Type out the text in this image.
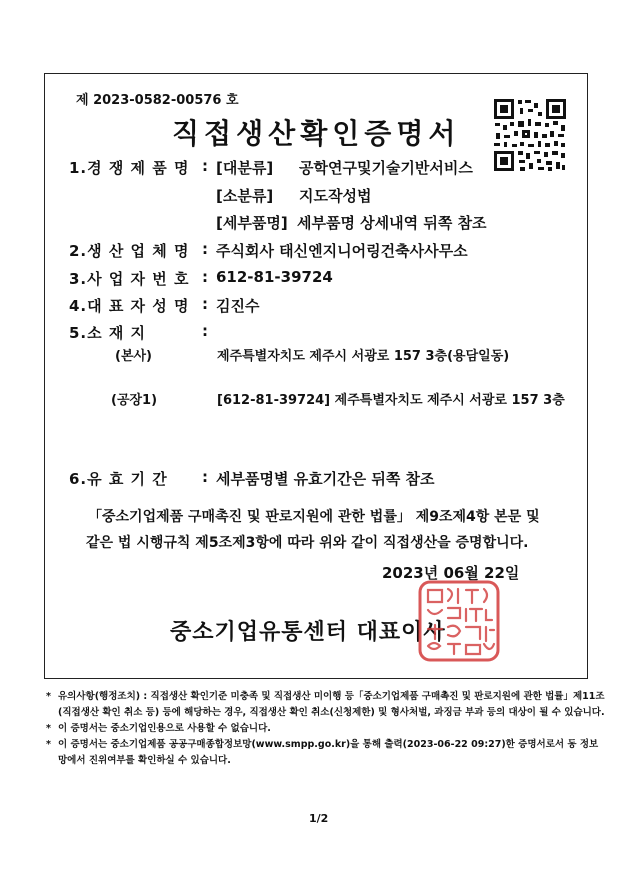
제 2023-0582-00576 호
직접생산확인증명서
1.경 쟁 제 품 명 : [대분류] 공학연구및기술기반서비스
[소분류] 지도작성법
[세부품명] 세부품명 상세내역 뒤쪽 참조
2.생 산 업 체 명 : 주식회사 태신엔지니어링건축사사무소
3.사 업 자 번 호 : 612-81-39724
4.대 표 자 성 명 : 김진수
5.소 재 지	:
(본사)	제주특별자치도 제주시 서광로 157 3층(용담일동)
(공장1)	[612-81-39724] 제주특별자치도 제주시 서광로 157 3층
6.유 효 기 간 : 세부품명별 유효기간은 뒤쪽 참조
「중소기업제품 구매촉진 및 판로지원에 관한 법률」 제9조제4항 본문 및
같은 법 시행규칙 제5조제3항에 따라 위와 같이 직접생산을 증명합니다.
2023년 06월 22일
중소기업유통센터 대표이사
* 유의사항(행정조치) : 직접생산 확인기준 미충족 및 직접생산 미이행 등「중소기업제품 구매촉진 및 판로지원에 관한 법률」제11조(직접생산 확인 취소 등) 등에 해당하는 경우, 직접생산 확인 취소(신청제한) 및 형사처벌, 과징금 부과 등의 대상이 될 수 있습니다.
* 이 증명서는 중소기업인용으로 사용할 수 없습니다.
* 이 증명서는 중소기업제품 공공구매종합정보망(www.smpp.go.kr)을 통해 출력(2023-06-22 09:27)한 증명서로서 동 정보망에서 진위여부를 확인하실 수 있습니다.
1/2
